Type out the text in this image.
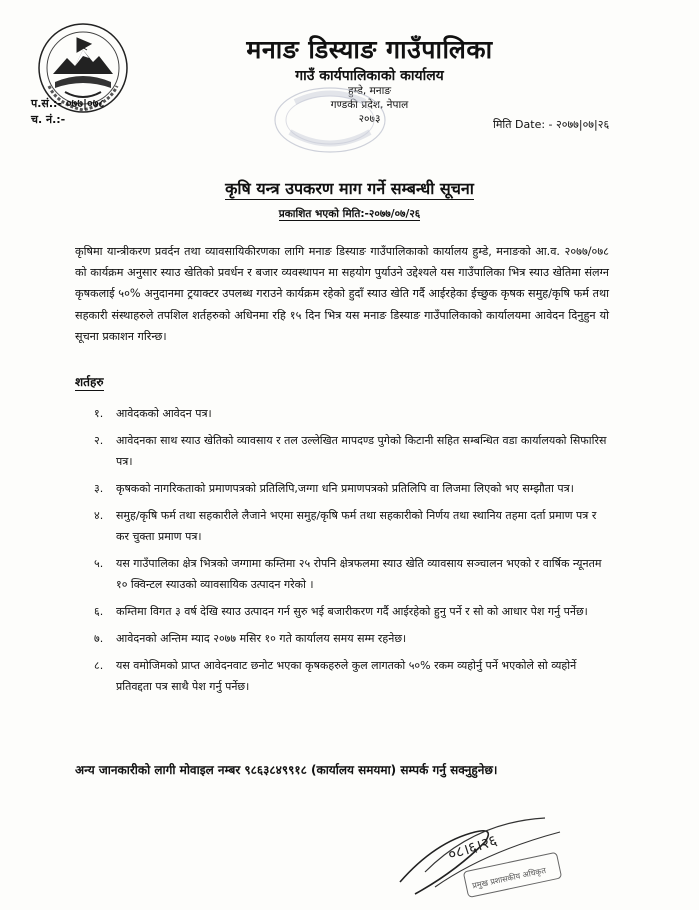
मनाङ डिस्याङ गाउँपालिका
गाउँ कार्यपालिकाको कार्यालय
हुम्डे, मनाङ
गण्डकी प्रदेश, नेपाल
२०७३
प.सं.:- ०७७|०७८
च. नं.:-	मिति Date: - २०७७|०७|२६
कृषि यन्त्र उपकरण माग गर्ने सम्बन्धी सूचना
प्रकाशित भएको मिति:-२०७७/०७/२६
कृषिमा यान्त्रीकरण प्रवर्दन तथा व्यावसायिकीरणका लागि मनाङ डिस्याङ गाउँपालिकाको कार्यालय हुम्डे, मनाङको आ.व. २०७७/०७८ को कार्यक्रम अनुसार स्याउ खेतिको प्रवर्धन र बजार व्यवस्थापन मा सहयोग पुर्याउने उद्देश्यले यस गाउँपालिका भित्र स्याउ खेतिमा संलग्न कृषकलाई ५०% अनुदानमा ट्रयाक्टर उपलब्ध गराउने कार्यक्रम रहेको हुदाँ स्याउ खेति गर्दै आईरहेका ईच्छुक कृषक समुह/कृषि फर्म तथा सहकारी संस्थाहरुले तपशिल शर्तहरुको अधिनमा रहि १५ दिन भित्र यस मनाङ डिस्याङ गाउँपालिकाको कार्यालयमा आवेदन दिनुहुन यो सूचना प्रकाशन गरिन्छ।
शर्तहरु
१. आवेदकको आवेदन पत्र।
२. आवेदनका साथ स्याउ खेतिको व्यावसाय र तल उल्लेखित मापदण्ड पुगेको किटानी सहित सम्बन्धित वडा कार्यालयको सिफारिस पत्र।
३. कृषकको नागरिकताको प्रमाणपत्रको प्रतिलिपि,जग्गा धनि प्रमाणपत्रको प्रतिलिपि वा लिजमा लिएको भए सम्झौता पत्र।
४. समुह/कृषि फर्म तथा सहकारीले लैजाने भएमा समुह/कृषि फर्म तथा सहकारीको निर्णय तथा स्थानिय तहमा दर्ता प्रमाण पत्र र कर चुक्ता प्रमाण पत्र।
५. यस गाउँपालिका क्षेत्र भित्रको जग्गामा कम्तिमा २५ रोपनि क्षेत्रफलमा स्याउ खेति व्यावसाय सञ्चालन भएको र वार्षिक न्यूनतम १० क्विन्टल स्याउको व्यावसायिक उत्पादन गरेको ।
६. कम्तिमा विगत ३ वर्ष देखि स्याउ उत्पादन गर्न सुरु भई बजारीकरण गर्दै आईरहेको हुनु पर्ने र सो को आधार पेश गर्नु पर्नेछ।
७. आवेदनको अन्तिम म्याद २०७७ मसिर १० गते कार्यालय समय सम्म रहनेछ।
८. यस वमोजिमको प्राप्त आवेदनवाट छनोट भएका कृषकहरुले कुल लागतको ५०% रकम व्यहोर्नु पर्ने भएकोले सो व्यहोर्ने प्रतिवद्दता पत्र साथै पेश गर्नु पर्नेछ।
अन्य जानकारीको लागी मोवाइल नम्बर ९८६३८४९९१८ (कार्यालय समयमा) सम्पर्क गर्नु सक्नुहुनेछ।
०८।६।२६
प्रमुख प्रशासकीय अधिकृत
